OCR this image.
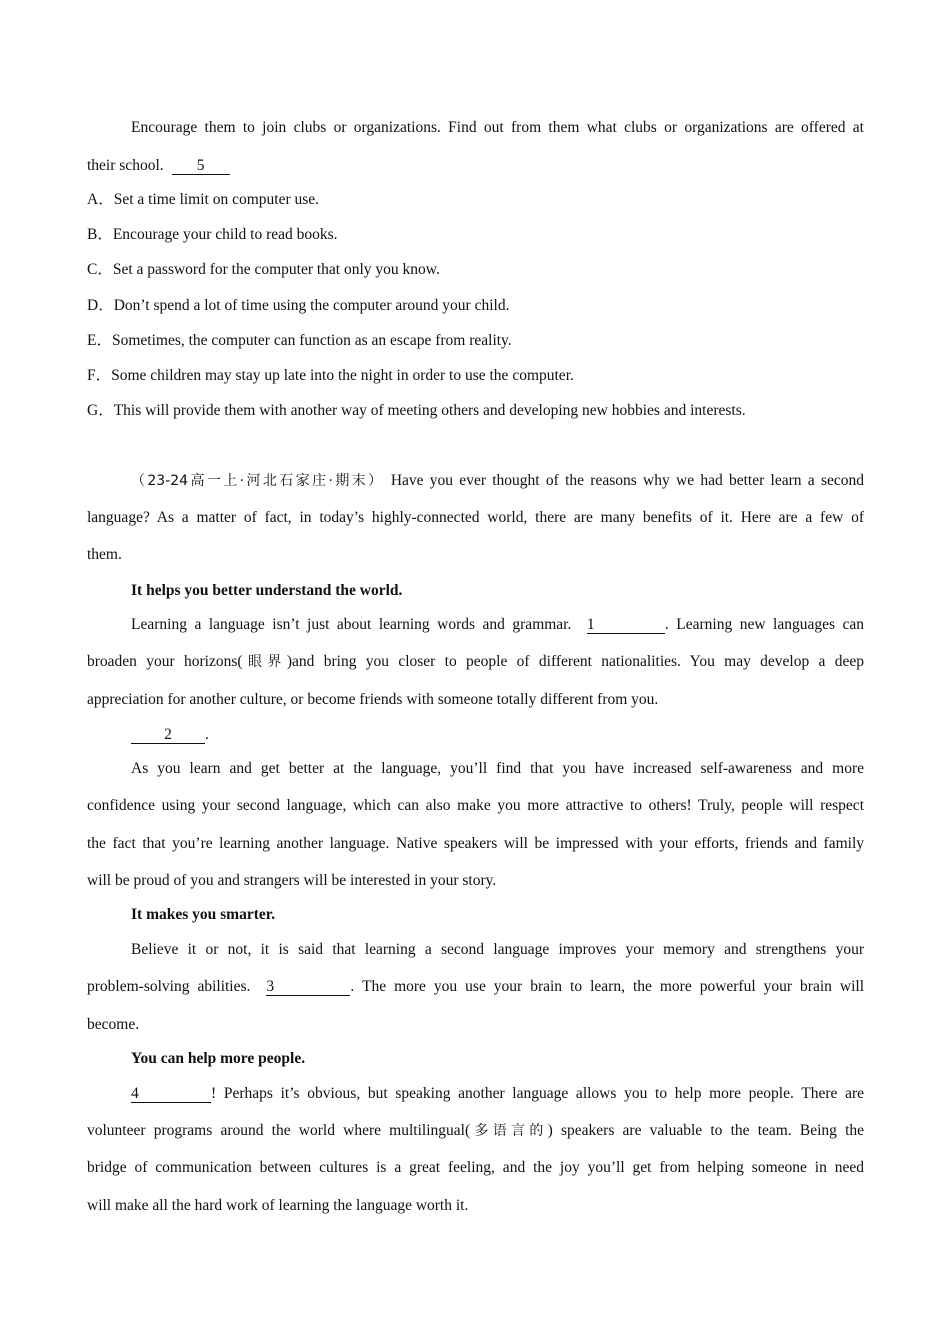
Encourage them to join clubs or organizations. Find out from them what clubs or organizations are offered at
their school. 5
A．Set a time limit on computer use.
B．Encourage your child to read books.
C．Set a password for the computer that only you know.
D．Don’t spend a lot of time using the computer around your child.
E．Sometimes, the computer can function as an escape from reality.
F．Some children may stay up late into the night in order to use the computer.
G．This will provide them with another way of meeting others and developing new hobbies and interests.
（23-24高一上·河北石家庄·期末） Have you ever thought of the reasons why we had better learn a second
language? As a matter of fact, in today’s highly-connected world, there are many benefits of it. Here are a few of
them.
It helps you better understand the world.
Learning a language isn’t just about learning words and grammar. 1	. Learning new languages can
broaden your horizons(眼界)and bring you closer to people of different nationalities. You may develop a deep
appreciation for another culture, or become friends with someone totally different from you.
2 .
As you learn and get better at the language, you’ll find that you have increased self-awareness and more
confidence using your second language, which can also make you more attractive to others! Truly, people will respect
the fact that you’re learning another language. Native speakers will be impressed with your efforts, friends and family
will be proud of you and strangers will be interested in your story.
It makes you smarter.
Believe it or not, it is said that learning a second language improves your memory and strengthens your
problem-solving abilities. 3	. The more you use your brain to learn, the more powerful your brain will
become.
You can help more people.
4	! Perhaps it’s obvious, but speaking another language allows you to help more people. There are
volunteer programs around the world where multilingual(多语言的) speakers are valuable to the team. Being the
bridge of communication between cultures is a great feeling, and the joy you’ll get from helping someone in need
will make all the hard work of learning the language worth it.
